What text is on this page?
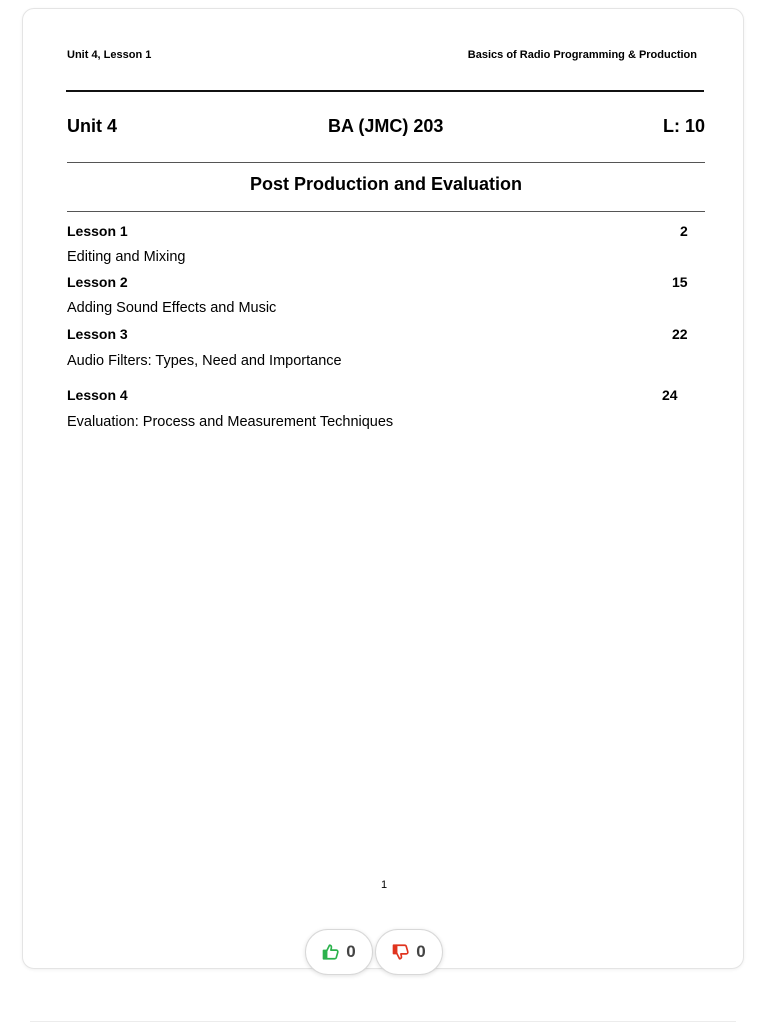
Unit 4, Lesson 1	Basics of Radio Programming & Production
Unit 4	BA (JMC) 203	L: 10
Post Production and Evaluation
Lesson 1	2
Editing and Mixing
Lesson 2	15
Adding Sound Effects and Music
Lesson 3	22
Audio Filters: Types, Need and Importance
Lesson 4	24
Evaluation: Process and Measurement Techniques
1
0	0
